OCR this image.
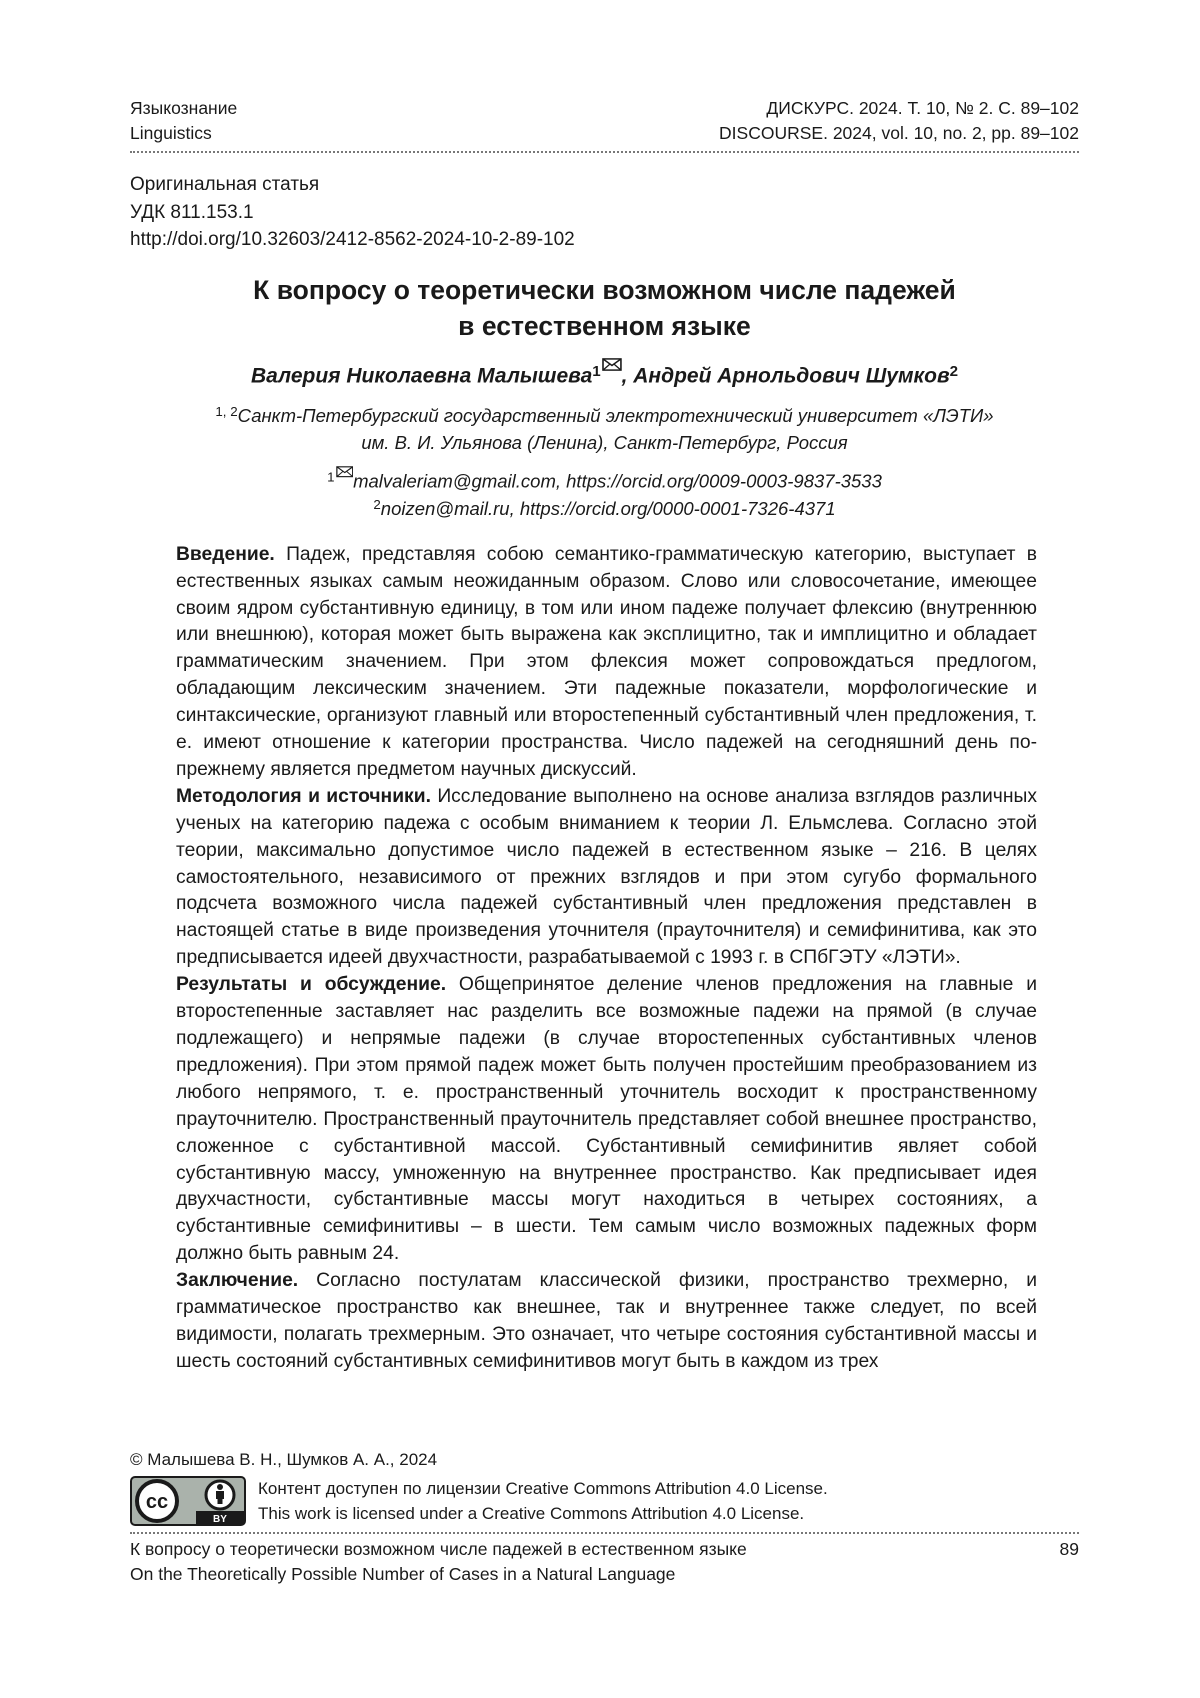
Языкознание
Linguistics
ДИСКУРС. 2024. Т. 10, № 2. С. 89–102
DISCOURSE. 2024, vol. 10, no. 2, pp. 89–102
Оригинальная статья
УДК 811.153.1
http://doi.org/10.32603/2412-8562-2024-10-2-89-102
К вопросу о теоретически возможном числе падежей
в естественном языке
Валерия Николаевна Малышева$^1$ , Андрей Арнольдович Шумков$^2$
$^{1, 2}$Санкт-Петербургский государственный электротехнический университет «ЛЭТИ»
им. В. И. Ульянова (Ленина), Санкт-Петербург, Россия
$^1$ malvaleriam@gmail.com, https://orcid.org/0009-0003-9837-3533
$^2$noizen@mail.ru, https://orcid.org/0000-0001-7326-4371

Введение. Падеж, представляя собою семантико-грамматическую категорию, выступает в естественных языках самым неожиданным образом. Слово или словосочетание, имеющее своим ядром субстантивную единицу, в том или ином падеже получает флексию (внутреннюю или внешнюю), которая может быть выражена как эксплицитно, так и имплицитно и обладает грамматическим значением. При этом флексия может сопровождаться предлогом, обладающим лексическим значением. Эти падежные показатели, морфологические и синтаксические, организуют главный или второстепенный субстантивный член предложения, т. е. имеют отношение к категории пространства. Число падежей на сегодняшний день по-прежнему является предметом научных дискуссий.

Методология и источники. Исследование выполнено на основе анализа взглядов различных ученых на категорию падежа с особым вниманием к теории Л. Ельмслева. Согласно этой теории, максимально допустимое число падежей в естественном языке – 216. В целях самостоятельного, независимого от прежних взглядов и при этом сугубо формального подсчета возможного числа падежей субстантивный член предложения представлен в настоящей статье в виде произведения уточнителя (прауточнителя) и семифинитива, как это предписывается идеей двухчастности, разрабатываемой с 1993 г. в СПбГЭТУ «ЛЭТИ».

Результаты и обсуждение. Общепринятое деление членов предложения на главные и второстепенные заставляет нас разделить все возможные падежи на прямой (в случае подлежащего) и непрямые падежи (в случае второстепенных субстантивных членов предложения). При этом прямой падеж может быть получен простейшим преобразованием из любого непрямого, т. е. пространственный уточнитель восходит к пространственному прауточнителю. Пространственный прауточнитель представляет собой внешнее пространство, сложенное с субстантивной массой. Субстантивный семифинитив являет собой субстантивную массу, умноженную на внутреннее пространство. Как предписывает идея двухчастности, субстантивные массы могут находиться в четырех состояниях, а субстантивные семифинитивы – в шести. Тем самым число возможных падежных форм должно быть равным 24.

Заключение. Согласно постулатам классической физики, пространство трехмерно, и грамматическое пространство как внешнее, так и внутреннее также следует, по всей видимости, полагать трехмерным. Это означает, что четыре состояния субстантивной массы и шесть состояний субстантивных семифинитивов могут быть в каждом из трех

© Малышева В. Н., Шумков А. А., 2024
cc
BY
Контент доступен по лицензии Creative Commons Attribution 4.0 License.
This work is licensed under a Creative Commons Attribution 4.0 License.
К вопросу о теоретически возможном числе падежей в естественном языке
On the Theoretically Possible Number of Cases in a Natural Language
89
